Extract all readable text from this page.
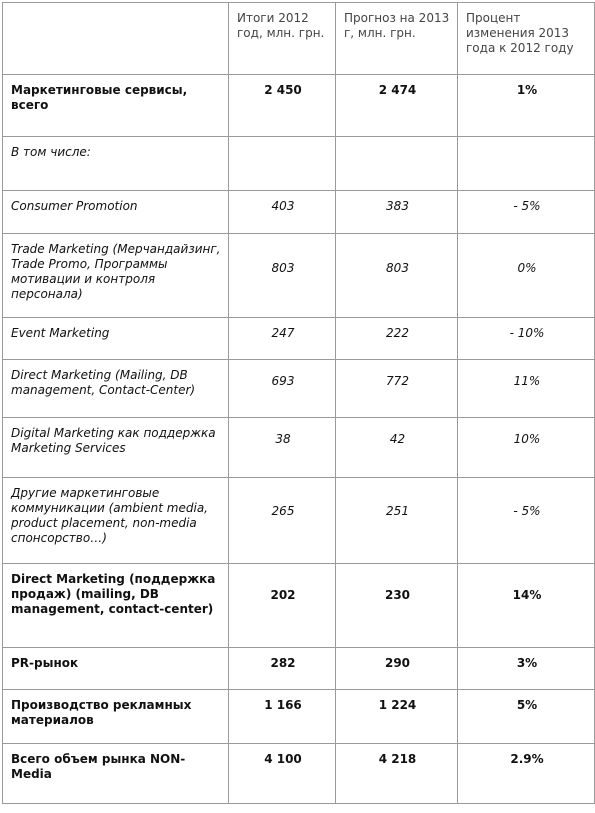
	Итоги 2012 год, млн. грн.	Прогноз на 2013 г, млн. грн.	Процент изменения 2013 года к 2012 году
Маркетинговые сервисы, всего	2 450	2 474	1%
В том числе:			
Consumer Promotion	403	383	- 5%
Trade Marketing (Мерчандайзинг, Trade Promo, Программы мотивации и контроля персонала)	803	803	0%
Event Marketing	247	222	- 10%
Direct Marketing (Mailing, DB management, Contact-Center)	693	772	11%
Digital Marketing как поддержка Marketing Services	38	42	10%
Другие маркетинговые коммуникации (ambient media, product placement, non-media спонсорство…)	265	251	- 5%
Direct Marketing (поддержка продаж) (mailing, DB management, contact-center)	202	230	14%
PR-рынок	282	290	3%
Производство рекламных материалов	1 166	1 224	5%
Всего объем рынка NON-Media	4 100	4 218	2.9%
